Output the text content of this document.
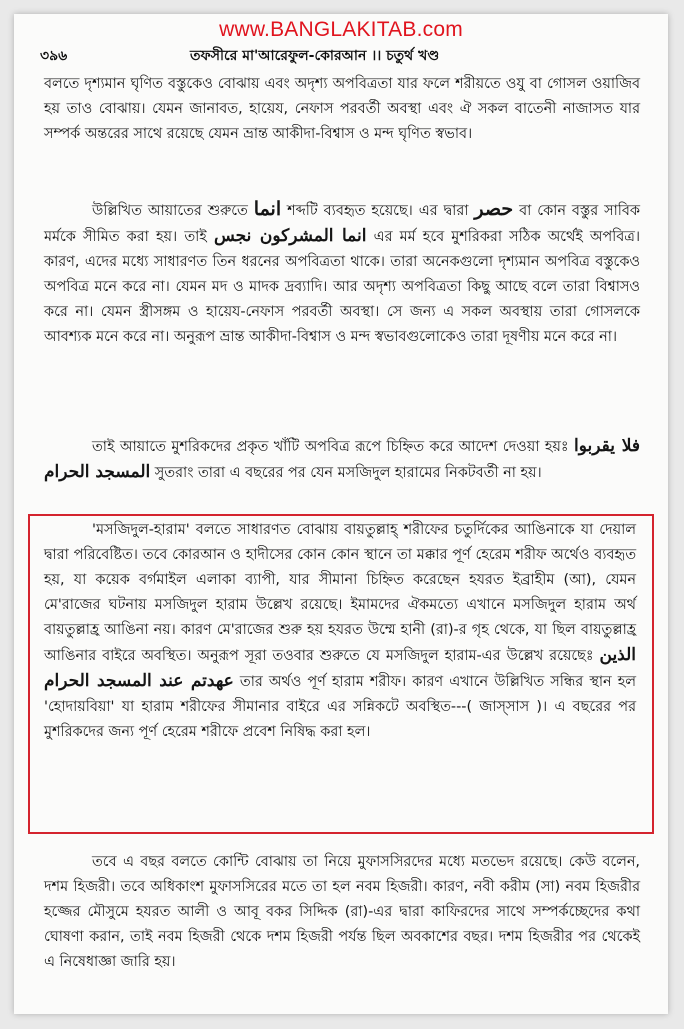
www.BANGLAKITAB.com
৩৯৬	তফসীরে মা'আরেফুল-কোরআন ।। চতুর্থ খণ্ড

বলতে দৃশ্যমান ঘৃণিত বস্তুকেও বোঝায় এবং অদৃশ্য অপবিত্রতা যার ফলে শরীয়তে ওযু বা গোসল ওয়াজিব হয় তাও বোঝায়। যেমন জানাবত, হায়েয, নেফাস পরবর্তী অবস্থা এবং ঐ সকল বাতেনী নাজাসত যার সম্পর্ক অন্তরের সাথে রয়েছে যেমন ভ্রান্ত আকীদা-বিশ্বাস ও মন্দ ঘৃণিত স্বভাব।

উল্লিখিত আয়াতের শুরুতে انما শব্দটি ব্যবহৃত হয়েছে। এর দ্বারা حصر বা কোন বস্তুর সাবিক মর্মকে সীমিত করা হয়। তাই انما المشركون نجس এর মর্ম হবে মুশরিকরা সঠিক অর্থেই অপবিত্র। কারণ, এদের মধ্যে সাধারণত তিন ধরনের অপবিত্রতা থাকে। তারা অনেকগুলো দৃশ্যমান অপবিত্র বস্তুকেও অপবিত্র মনে করে না। যেমন মদ ও মাদক দ্রব্যাদি। আর অদৃশ্য অপবিত্রতা কিছু আছে বলে তারা বিশ্বাসও করে না। যেমন স্ত্রীসঙ্গম ও হায়েয-নেফাস পরবর্তী অবস্থা। সে জন্য এ সকল অবস্থায় তারা গোসলকে আবশ্যক মনে করে না। অনুরূপ ভ্রান্ত আকীদা-বিশ্বাস ও মন্দ স্বভাবগুলোকেও তারা দূষণীয় মনে করে না।

তাই আয়াতে মুশরিকদের প্রকৃত খাঁটি অপবিত্র রূপে চিহ্নিত করে আদেশ দেওয়া হয়ঃ فلا يقربوا المسجد الحرام সুতরাং তারা এ বছরের পর যেন মসজিদুল হারামের নিকটবর্তী না হয়।

'মসজিদুল-হারাম' বলতে সাধারণত বোঝায় বায়তুল্লাহ্ শরীফের চতুর্দিকের আঙিনাকে যা দেয়াল দ্বারা পরিবেষ্টিত। তবে কোরআন ও হাদীসের কোন কোন স্থানে তা মক্কার পূর্ণ হেরেম শরীফ অর্থেও ব্যবহৃত হয়, যা কয়েক বর্গমাইল এলাকা ব্যাপী, যার সীমানা চিহ্নিত করেছেন হযরত ইব্রাহীম (আ), যেমন মে'রাজের ঘটনায় মসজিদুল হারাম উল্লেখ রয়েছে। ইমামদের ঐকমত্যে এখানে মসজিদুল হারাম অর্থ বায়তুল্লাহ্র আঙিনা নয়। কারণ মে'রাজের শুরু হয় হযরত উম্মে হানী (রা)-র গৃহ থেকে, যা ছিল বায়তুল্লাহ্র আঙিনার বাইরে অবস্থিত। অনুরূপ সূরা তওবার শুরুতে যে মসজিদুল হারাম-এর উল্লেখ রয়েছেঃ الذين عهدتم عند المسجد الحرام তার অর্থও পূর্ণ হারাম শরীফ। কারণ এখানে উল্লিখিত সন্ধির স্থান হল 'হোদায়বিয়া' যা হারাম শরীফের সীমানার বাইরে এর সন্নিকটে অবস্থিত---( জাস্সাস )। এ বছরের পর মুশরিকদের জন্য পূর্ণ হেরেম শরীফে প্রবেশ নিষিদ্ধ করা হল।

তবে এ বছর বলতে কোন্টি বোঝায় তা নিয়ে মুফাসসিরদের মধ্যে মতভেদ রয়েছে। কেউ বলেন, দশম হিজরী। তবে অধিকাংশ মুফাসসিরের মতে তা হল নবম হিজরী। কারণ, নবী করীম (সা) নবম হিজরীর হজ্জের মৌসুমে হযরত আলী ও আবূ বকর সিদ্দিক (রা)-এর দ্বারা কাফিরদের সাথে সম্পর্কচ্ছেদের কথা ঘোষণা করান, তাই নবম হিজরী থেকে দশম হিজরী পর্যন্ত ছিল অবকাশের বছর। দশম হিজরীর পর থেকেই এ নিষেধাজ্ঞা জারি হয়।
